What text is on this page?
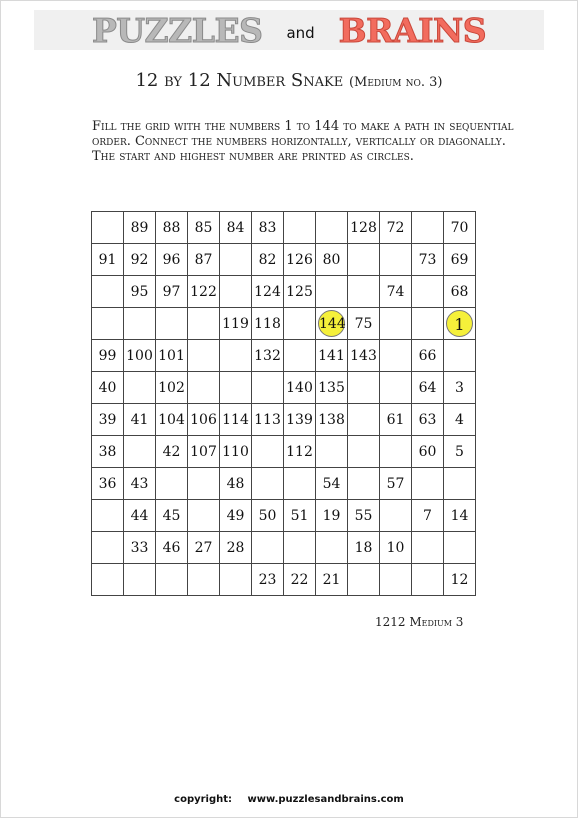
PUZZLES and BRAINS
12 by 12 Number Snake (Medium no. 3)
Fill the grid with the numbers 1 to 144 to make a path in sequential
order. Connect the numbers horizontally, vertically or diagonally.
The start and highest number are printed as circles.
	89	88	85	84	83			128	72		70
91	92	96	87		82	126	80			73	69
	95	97	122		124	125			74		68
				119	118		144	75			1
99	100	101			132		141	143		66	
40		102				140	135			64	3
39	41	104	106	114	113	139	138		61	63	4
38		42	107	110		112				60	5
36	43			48			54		57		
	44	45		49	50	51	19	55		7	14
	33	46	27	28				18	10		
					23	22	21				12
1212 Medium 3
copyright: www.puzzlesandbrains.com
